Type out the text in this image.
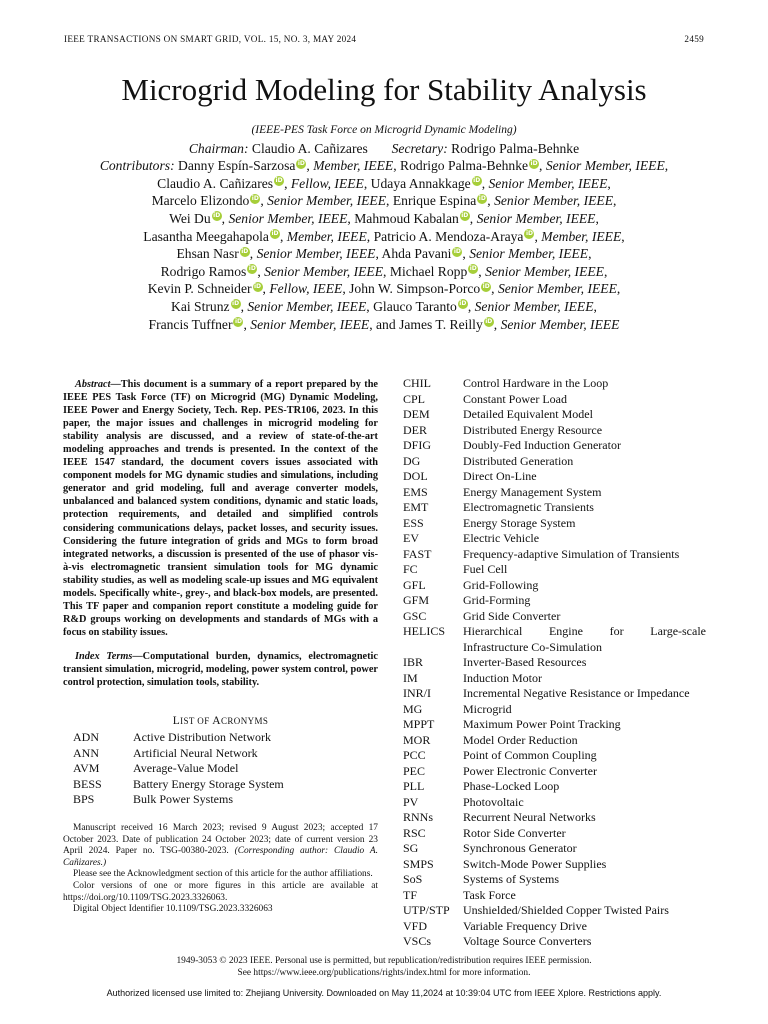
IEEE TRANSACTIONS ON SMART GRID, VOL. 15, NO. 3, MAY 2024	2459
Microgrid Modeling for Stability Analysis
(IEEE-PES Task Force on Microgrid Dynamic Modeling)
Chairman: Claudio A. Cañizares Secretary: Rodrigo Palma-Behnke
Contributors: Danny Espín-Sarzosa iD, Member, IEEE, Rodrigo Palma-Behnke iD, Senior Member, IEEE,
Claudio A. Cañizares iD, Fellow, IEEE, Udaya Annakkage iD, Senior Member, IEEE,
Marcelo Elizondo iD, Senior Member, IEEE, Enrique Espina iD, Senior Member, IEEE,
Wei Du iD, Senior Member, IEEE, Mahmoud Kabalan iD, Senior Member, IEEE,
Lasantha Meegahapola iD, Member, IEEE, Patricio A. Mendoza-Araya iD, Member, IEEE,
Ehsan Nasr iD, Senior Member, IEEE, Ahda Pavani iD, Senior Member, IEEE,
Rodrigo Ramos iD, Senior Member, IEEE, Michael Ropp iD, Senior Member, IEEE,
Kevin P. Schneider iD, Fellow, IEEE, John W. Simpson-Porco iD, Senior Member, IEEE,
Kai Strunz iD, Senior Member, IEEE, Glauco Taranto iD, Senior Member, IEEE,
Francis Tuffner iD, Senior Member, IEEE, and James T. Reilly iD, Senior Member, IEEE

Abstract—This document is a summary of a report prepared by the IEEE PES Task Force (TF) on Microgrid (MG) Dynamic Modeling, IEEE Power and Energy Society, Tech. Rep. PES-TR106, 2023. In this paper, the major issues and challenges in microgrid modeling for stability analysis are discussed, and a review of state-of-the-art modeling approaches and trends is presented. In the context of the IEEE 1547 standard, the document covers issues associated with component models for MG dynamic studies and simulations, including generator and grid modeling, full and average converter models, unbalanced and balanced system conditions, dynamic and static loads, protection requirements, and detailed and simplified controls considering communications delays, packet losses, and security issues. Considering the future integration of grids and MGs to form broad integrated networks, a discussion is presented of the use of phasor vis-à-vis electromagnetic transient simulation tools for MG dynamic stability studies, as well as modeling scale-up issues and MG equivalent models. Specifically white-, grey-, and black-box models, are presented. This TF paper and companion report constitute a modeling guide for R&D groups working on developments and standards of MGs with a focus on stability issues.

Index Terms—Computational burden, dynamics, electromagnetic transient simulation, microgrid, modeling, power system control, power control protection, simulation tools, stability.

LIST OF ACRONYMS
ADN	Active Distribution Network
ANN	Artificial Neural Network
AVM	Average-Value Model
BESS	Battery Energy Storage System
BPS	Bulk Power Systems

Manuscript received 16 March 2023; revised 9 August 2023; accepted 17 October 2023. Date of publication 24 October 2023; date of current version 23 April 2024. Paper no. TSG-00380-2023. (Corresponding author: Claudio A. Cañizares.)

Please see the Acknowledgment section of this article for the author affiliations.

Color versions of one or more figures in this article are available at https://doi.org/10.1109/TSG.2023.3326063.

Digital Object Identifier 10.1109/TSG.2023.3326063

CHIL	Control Hardware in the Loop
CPL	Constant Power Load
DEM	Detailed Equivalent Model
DER	Distributed Energy Resource
DFIG	Doubly-Fed Induction Generator
DG	Distributed Generation
DOL	Direct On-Line
EMS	Energy Management System
EMT	Electromagnetic Transients
ESS	Energy Storage System
EV	Electric Vehicle
FAST	Frequency-adaptive Simulation of Transients
FC	Fuel Cell
GFL	Grid-Following
GFM	Grid-Forming
GSC	Grid Side Converter
HELICS	Hierarchical Engine for Large-scale
Infrastructure Co-Simulation
IBR	Inverter-Based Resources
IM	Induction Motor
INR/I	Incremental Negative Resistance or Impedance
MG	Microgrid
MPPT	Maximum Power Point Tracking
MOR	Model Order Reduction
PCC	Point of Common Coupling
PEC	Power Electronic Converter
PLL	Phase-Locked Loop
PV	Photovoltaic
RNNs	Recurrent Neural Networks
RSC	Rotor Side Converter
SG	Synchronous Generator
SMPS	Switch-Mode Power Supplies
SoS	Systems of Systems
TF	Task Force
UTP/STP	Unshielded/Shielded Copper Twisted Pairs
VFD	Variable Frequency Drive
VSCs	Voltage Source Converters
1949-3053 © 2023 IEEE. Personal use is permitted, but republication/redistribution requires IEEE permission.
See https://www.ieee.org/publications/rights/index.html for more information.
Authorized licensed use limited to: Zhejiang University. Downloaded on May 11,2024 at 10:39:04 UTC from IEEE Xplore. Restrictions apply.
